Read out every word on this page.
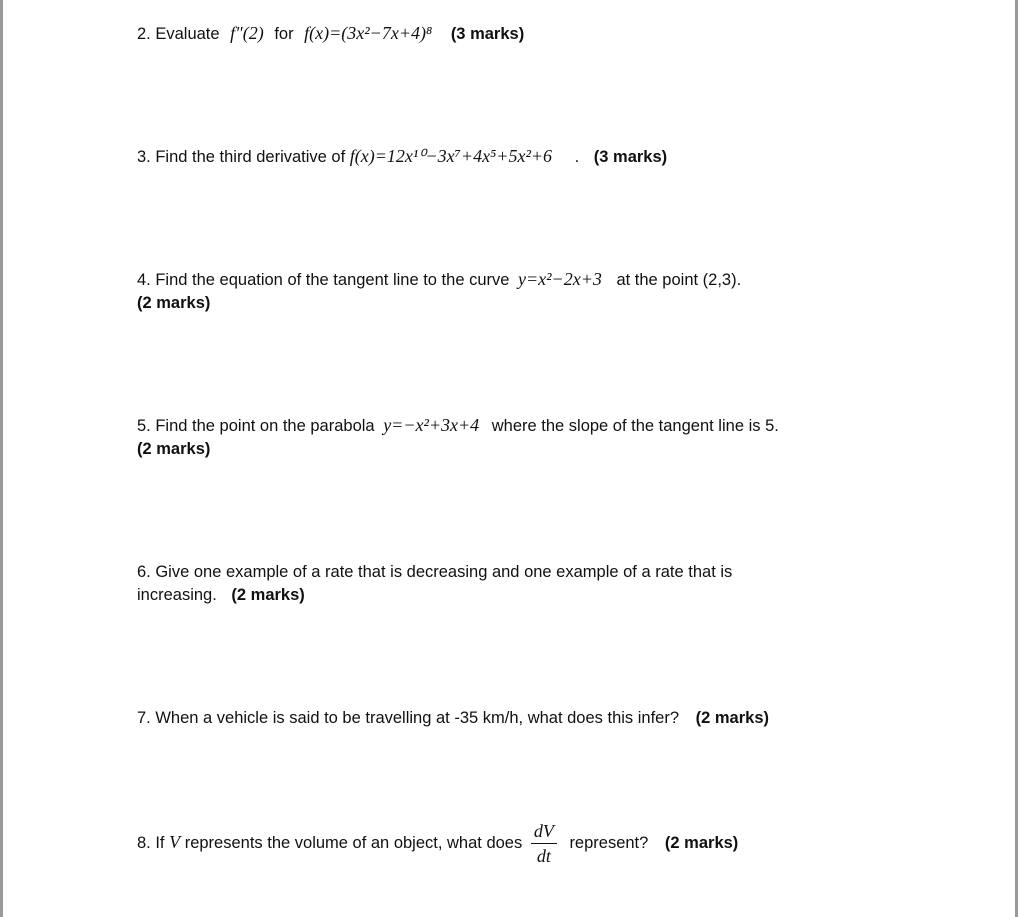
2. Evaluate f"(2) for f(x)=(3x²−7x+4)⁸ (3 marks)
3. Find the third derivative of f(x)=12x¹⁰−3x⁷+4x⁵+5x²+6 . (3 marks)
4. Find the equation of the tangent line to the curve y=x²−2x+3 at the point (2,3).
(2 marks)
5. Find the point on the parabola y=−x²+3x+4 where the slope of the tangent line is 5.
(2 marks)
6. Give one example of a rate that is decreasing and one example of a rate that is
increasing. (2 marks)
7. When a vehicle is said to be travelling at -35 km/h, what does this infer? (2 marks)
8. If V represents the volume of an object, what does $\frac{dV}{dt}$ represent? (2 marks)
